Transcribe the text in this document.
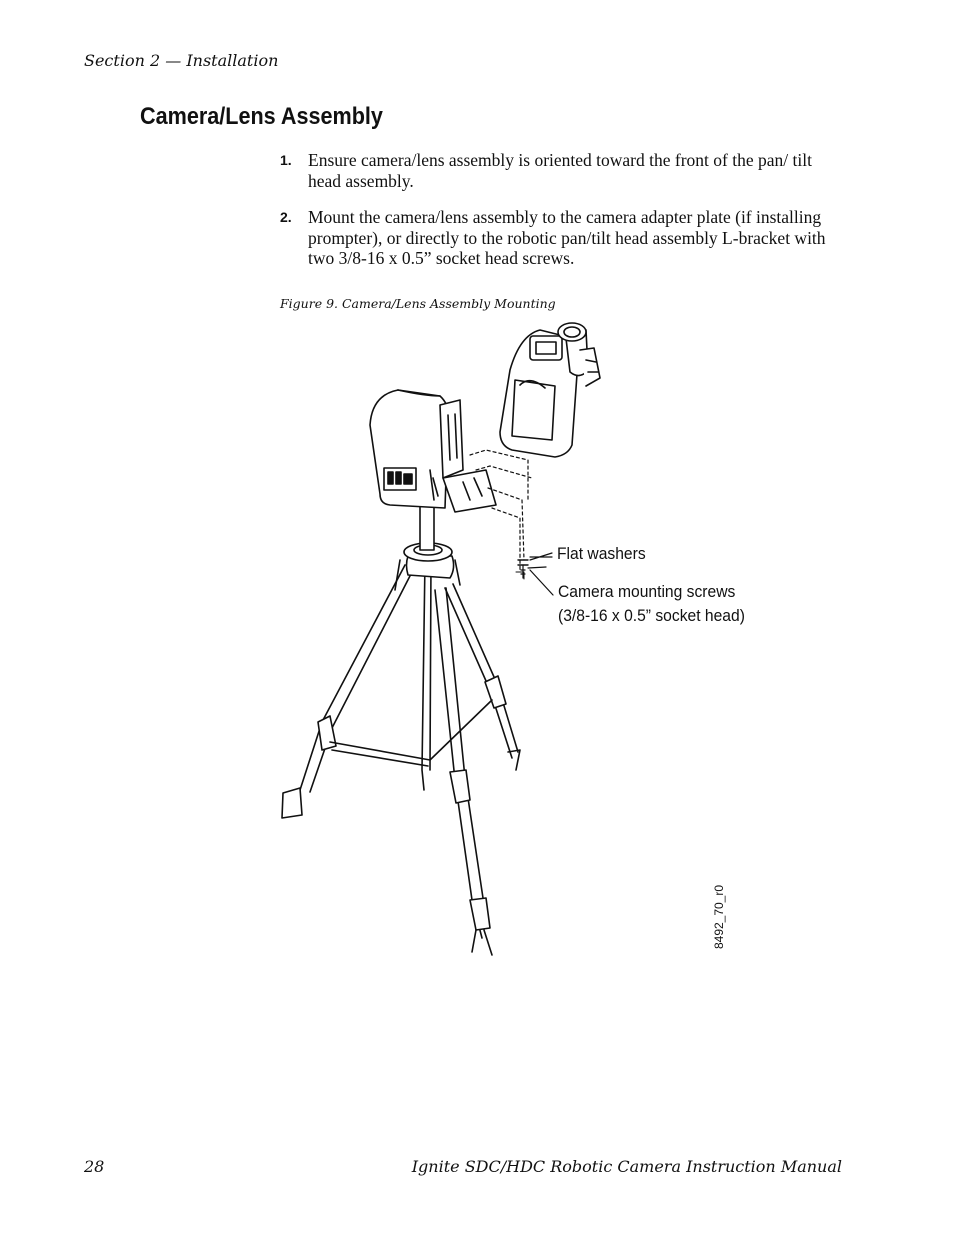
Section 2 — Installation
Camera/Lens Assembly
1. Ensure camera/lens assembly is oriented toward the front of the pan/ tilt head assembly.
2. Mount the camera/lens assembly to the camera adapter plate (if installing prompter), or directly to the robotic pan/tilt head assembly L-bracket with two 3/8-16 x 0.5” socket head screws.
Figure 9. Camera/Lens Assembly Mounting
Flat washers
Camera mounting screws
(3/8-16 x 0.5” socket head)
8492_70_r0
28	Ignite SDC/HDC Robotic Camera Instruction Manual
